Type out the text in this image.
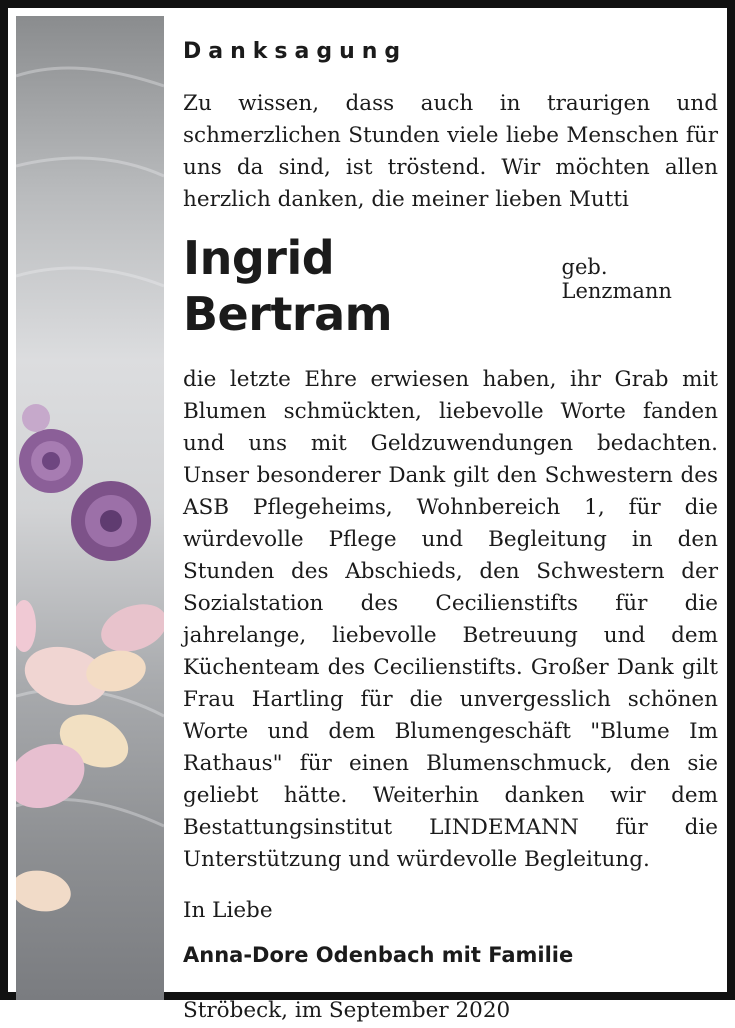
Danksagung

Zu wissen, dass auch in traurigen und schmerzlichen Stunden viele liebe Menschen für uns da sind, ist tröstend. Wir möchten allen herzlich danken, die meiner lieben Mutti

Ingrid Bertram
geb. Lenzmann

die letzte Ehre erwiesen haben, ihr Grab mit Blumen schmückten, liebevolle Worte fanden und uns mit Geldzuwendungen bedachten. Unser besonderer Dank gilt den Schwestern des ASB Pflegeheims, Wohnbereich 1, für die würdevolle Pflege und Begleitung in den Stunden des Abschieds, den Schwestern der Sozialstation des Cecilienstifts für die jahrelange, liebevolle Betreuung und dem Küchenteam des Cecilienstifts. Großer Dank gilt Frau Hartling für die unvergesslich schönen Worte und dem Blumengeschäft "Blume Im Rathaus" für einen Blumenschmuck, den sie geliebt hätte. Weiterhin danken wir dem Bestattungsinstitut LINDEMANN für die Unterstützung und würdevolle Begleitung.

In Liebe
Anna-Dore Odenbach mit Familie
Ströbeck, im September 2020
